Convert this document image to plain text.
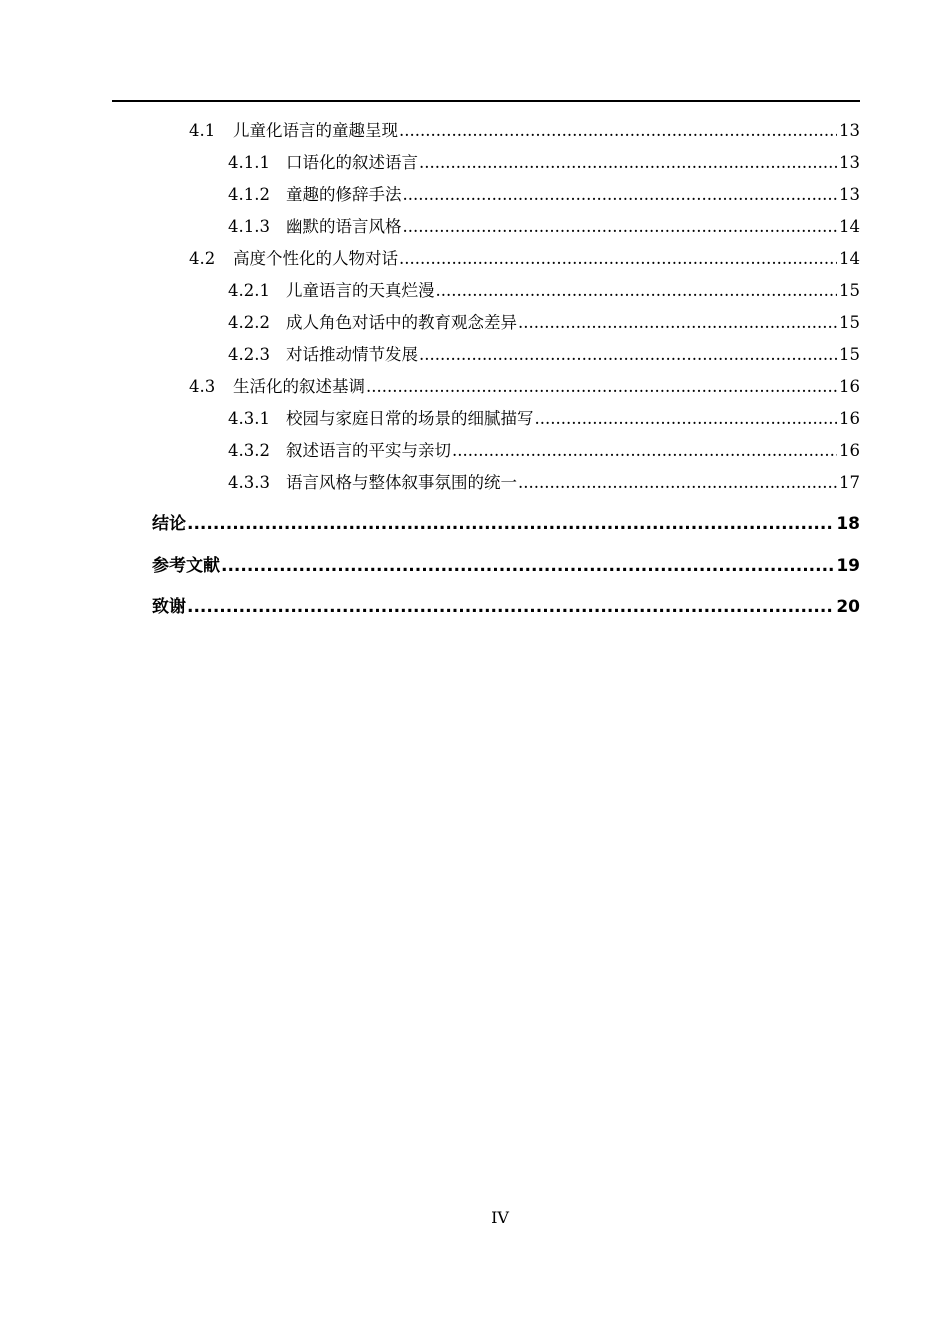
4.1	儿童化语言的童趣呈现 .....	13
4.1.1 口语化的叙述语言 .....	13
4.1.2 童趣的修辞手法 .....	13
4.1.3 幽默的语言风格 .....	14
4.2	高度个性化的人物对话 .....	14
4.2.1 儿童语言的天真烂漫 .....	15
4.2.2 成人角色对话中的教育观念差异 .....	15
4.2.3 对话推动情节发展 .....	15
4.3	生活化的叙述基调 .....	16
4.3.1 校园与家庭日常的场景的细腻描写 .....	16
4.3.2 叙述语言的平实与亲切 .....	16
4.3.3 语言风格与整体叙事氛围的统一 .....	17
结论 .....	18
参考文献 .....	19
致谢 .....	20
IV
